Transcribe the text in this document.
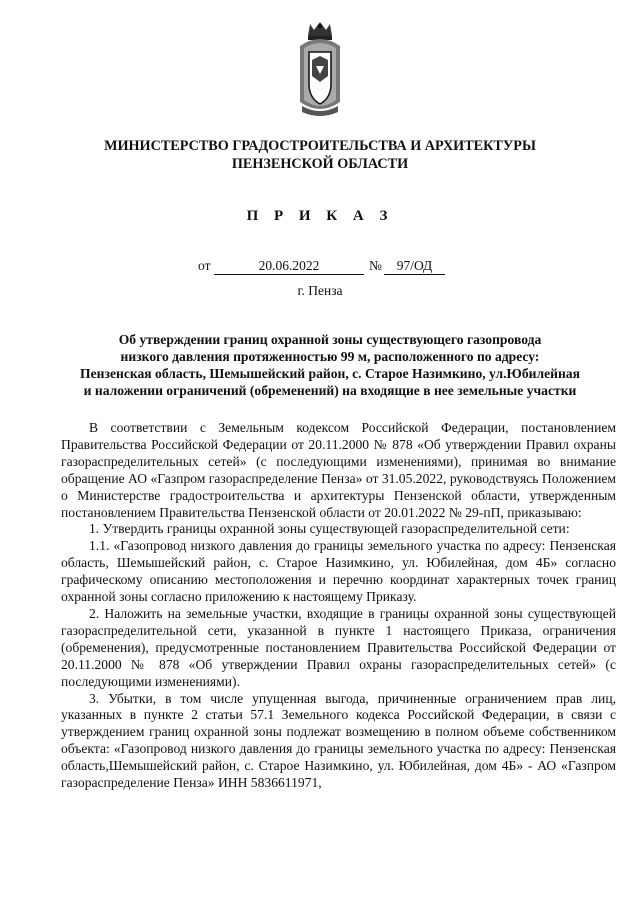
МИНИСТЕРСТВО ГРАДОСТРОИТЕЛЬСТВА И АРХИТЕКТУРЫ
ПЕНЗЕНСКОЙ ОБЛАСТИ
П Р И К А З
от	20.06.2022	№	97/ОД
г. Пенза
Об утверждении границ охранной зоны существующего газопровода
низкого давления протяженностью 99 м, расположенного по адресу:
Пензенская область, Шемышейский район, с. Старое Назимкино, ул.Юбилейная
и наложении ограничений (обременений) на входящие в нее земельные участки

В соответствии с Земельным кодексом Российской Федерации, постановлением Правительства Российской Федерации от 20.11.2000 № 878 «Об утверждении Правил охраны газораспределительных сетей» (с последующими изменениями), принимая во внимание обращение АО «Газпром газораспределение Пенза» от 31.05.2022, руководствуясь Положением о Министерстве градостроительства и архитектуры Пензенской области, утвержденным постановлением Правительства Пензенской области от 20.01.2022 № 29-пП, приказываю:

1. Утвердить границы охранной зоны существующей газораспределительной сети:

1.1. «Газопровод низкого давления до границы земельного участка по адресу: Пензенская область, Шемышейский район, с. Старое Назимкино, ул. Юбилейная, дом 4Б» согласно графическому описанию местоположения и перечню координат характерных точек границ охранной зоны согласно приложению к настоящему Приказу.

2. Наложить на земельные участки, входящие в границы охранной зоны существующей газораспределительной сети, указанной в пункте 1 настоящего Приказа, ограничения (обременения), предусмотренные постановлением Правительства Российской Федерации от 20.11.2000 № 878 «Об утверждении Правил охраны газораспределительных сетей» (с последующими изменениями).

3. Убытки, в том числе упущенная выгода, причиненные ограничением прав лиц, указанных в пункте 2 статьи 57.1 Земельного кодекса Российской Федерации, в связи с утверждением границ охранной зоны подлежат возмещению в полном объеме собственником объекта: «Газопровод низкого давления до границы земельного участка по адресу: Пензенская область,Шемышейский район, с. Старое Назимкино, ул. Юбилейная, дом 4Б» - АО «Газпром газораспределение Пенза» ИНН 5836611971,
